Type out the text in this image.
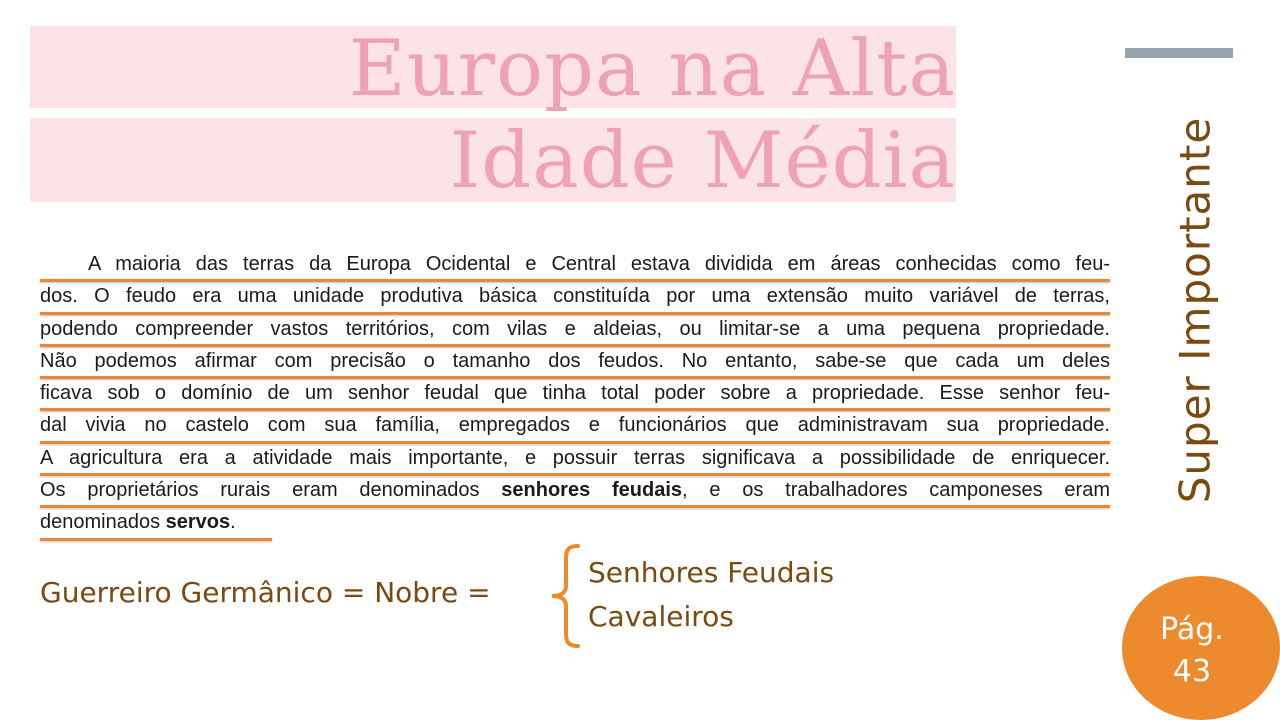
Europa na Alta
Idade Média
A maioria das terras da Europa Ocidental e Central estava dividida em áreas conhecidas como feu-
dos. O feudo era uma unidade produtiva básica constituída por uma extensão muito variável de terras,
podendo compreender vastos territórios, com vilas e aldeias, ou limitar-se a uma pequena propriedade.
Não podemos afirmar com precisão o tamanho dos feudos. No entanto, sabe-se que cada um deles
ficava sob o domínio de um senhor feudal que tinha total poder sobre a propriedade. Esse senhor feu-
dal vivia no castelo com sua família, empregados e funcionários que administravam sua propriedade.
A agricultura era a atividade mais importante, e possuir terras significava a possibilidade de enriquecer.
Os proprietários rurais eram denominados senhores feudais, e os trabalhadores camponeses eram
denominados servos.
Guerreiro Germânico = Nobre =
Senhores Feudais
Cavaleiros
Super Importante
Pág.
43
